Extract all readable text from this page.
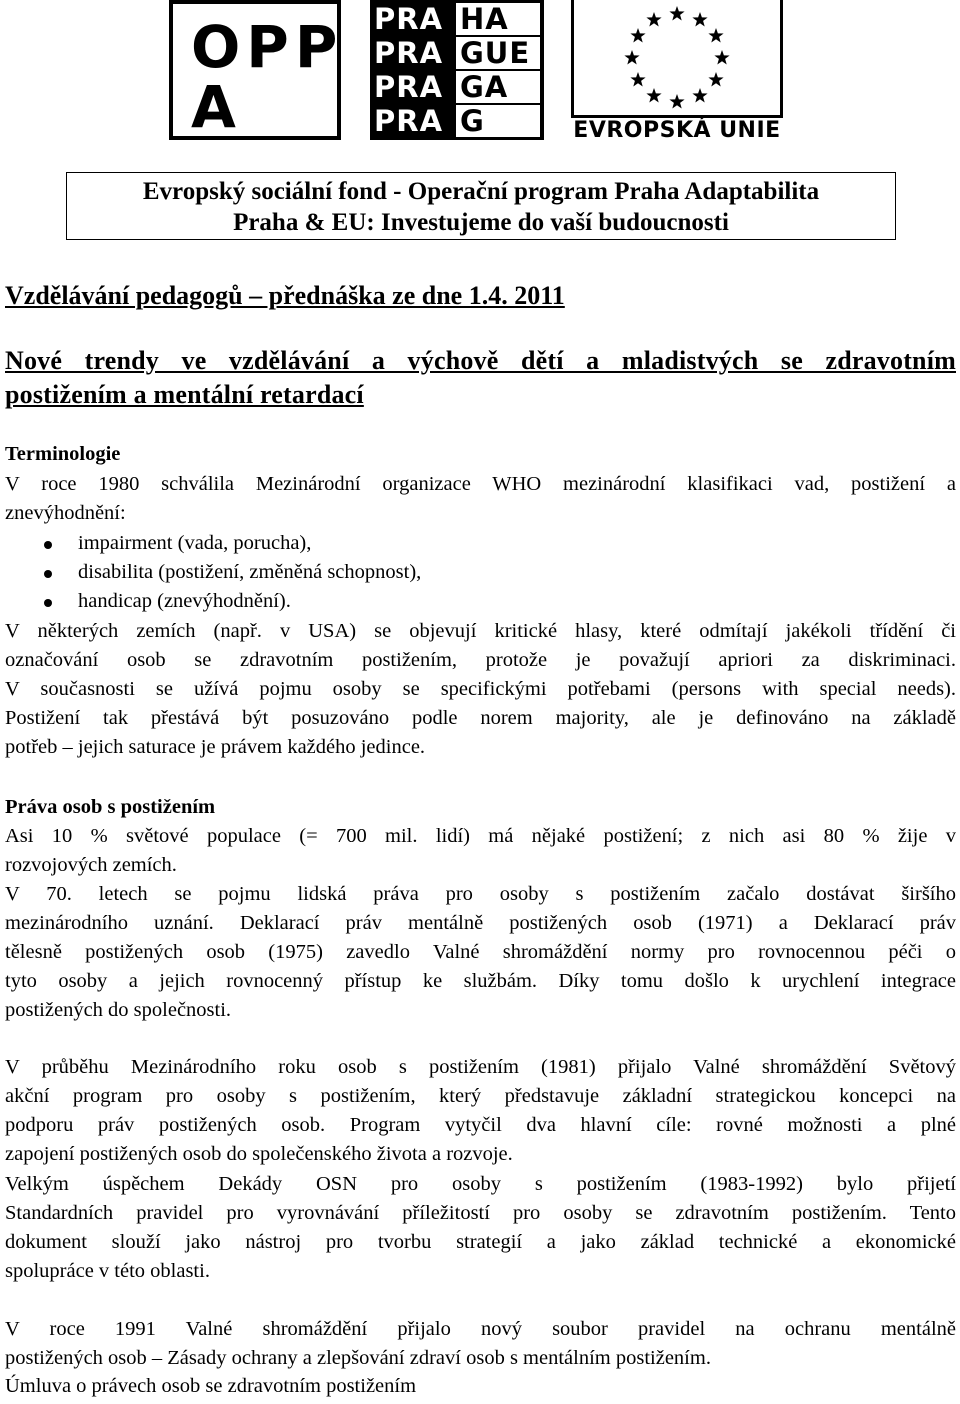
OPP
A
PRA HA
PRA GUE
PRA GA
PRA G	EVROPSKÁ UNIE
Evropský sociální fond - Operační program Praha Adaptabilita
Praha & EU: Investujeme do vaší budoucnosti
Vzdělávání pedagogů – přednáška ze dne 1.4. 2011
Nové trendy ve vzdělávání a výchově dětí a mladistvých se zdravotním
postižením a mentální retardací
Terminologie
V roce 1980 schválila Mezinárodní organizace WHO mezinárodní klasifikaci vad, postižení a
znevýhodnění:
impairment (vada, porucha),
disabilita (postižení, změněná schopnost),
handicap (znevýhodnění).
V některých zemích (např. v USA) se objevují kritické hlasy, které odmítají jakékoli třídění či
označování osob se zdravotním postižením, protože je považují apriori za diskriminaci.
V současnosti se užívá pojmu osoby se specifickými potřebami (persons with special needs).
Postižení tak přestává být posuzováno podle norem majority, ale je definováno na základě
potřeb – jejich saturace je právem každého jedince.
Práva osob s postižením
Asi 10 % světové populace (= 700 mil. lidí) má nějaké postižení; z nich asi 80 % žije v
rozvojových zemích.
V 70. letech se pojmu lidská práva pro osoby s postižením začalo dostávat širšího
mezinárodního uznání. Deklarací práv mentálně postižených osob (1971) a Deklarací práv
tělesně postižených osob (1975) zavedlo Valné shromáždění normy pro rovnocennou péči o
tyto osoby a jejich rovnocenný přístup ke službám. Díky tomu došlo k urychlení integrace
postižených do společnosti.
V průběhu Mezinárodního roku osob s postižením (1981) přijalo Valné shromáždění Světový
akční program pro osoby s postižením, který představuje základní strategickou koncepci na
podporu práv postižených osob. Program vytyčil dva hlavní cíle: rovné možnosti a plné
zapojení postižených osob do společenského života a rozvoje.
Velkým úspěchem Dekády OSN pro osoby s postižením (1983-1992) bylo přijetí
Standardních pravidel pro vyrovnávání příležitostí pro osoby se zdravotním postižením. Tento
dokument slouží jako nástroj pro tvorbu strategií a jako základ technické a ekonomické
spolupráce v této oblasti.
V roce 1991 Valné shromáždění přijalo nový soubor pravidel na ochranu mentálně
postižených osob – Zásady ochrany a zlepšování zdraví osob s mentálním postižením.
Úmluva o právech osob se zdravotním postižením
